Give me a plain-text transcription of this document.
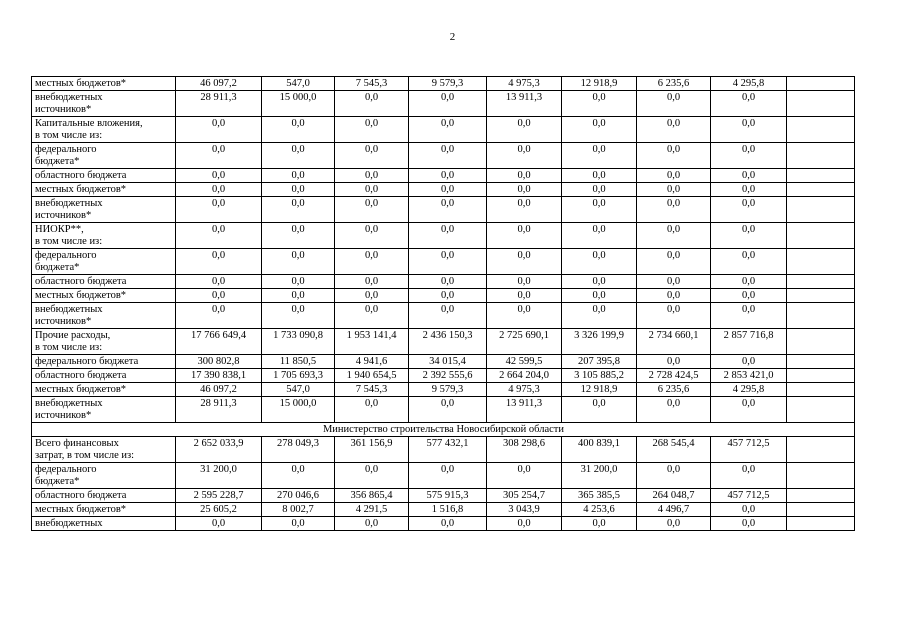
2
местных бюджетов*	46 097,2	547,0	7 545,3	9 579,3	4 975,3	12 918,9	6 235,6	4 295,8	

внебюджетных
источников*	28 911,3	15 000,0	0,0	0,0	13 911,3	0,0	0,0	0,0	

Капитальные вложения,
в том числе из:	0,0	0,0	0,0	0,0	0,0	0,0	0,0	0,0	

федерального
бюджета*	0,0	0,0	0,0	0,0	0,0	0,0	0,0	0,0	

областного бюджета	0,0	0,0	0,0	0,0	0,0	0,0	0,0	0,0	

местных бюджетов*	0,0	0,0	0,0	0,0	0,0	0,0	0,0	0,0	

внебюджетных
источников*	0,0	0,0	0,0	0,0	0,0	0,0	0,0	0,0	

НИОКР**,
в том числе из:	0,0	0,0	0,0	0,0	0,0	0,0	0,0	0,0	

федерального
бюджета*	0,0	0,0	0,0	0,0	0,0	0,0	0,0	0,0	

областного бюджета	0,0	0,0	0,0	0,0	0,0	0,0	0,0	0,0	

местных бюджетов*	0,0	0,0	0,0	0,0	0,0	0,0	0,0	0,0	

внебюджетных
источников*	0,0	0,0	0,0	0,0	0,0	0,0	0,0	0,0	

Прочие расходы,
в том числе из:	17 766 649,4	1 733 090,8	1 953 141,4	2 436 150,3	2 725 690,1	3 326 199,9	2 734 660,1	2 857 716,8	

федерального бюджета	300 802,8	11 850,5	4 941,6	34 015,4	42 599,5	207 395,8	0,0	0,0	

областного бюджета	17 390 838,1	1 705 693,3	1 940 654,5	2 392 555,6	2 664 204,0	3 105 885,2	2 728 424,5	2 853 421,0	

местных бюджетов*	46 097,2	547,0	7 545,3	9 579,3	4 975,3	12 918,9	6 235,6	4 295,8	

внебюджетных
источников*	28 911,3	15 000,0	0,0	0,0	13 911,3	0,0	0,0	0,0	
Министерство строительства Новосибирской области									

Всего финансовых
затрат, в том числе из:	2 652 033,9	278 049,3	361 156,9	577 432,1	308 298,6	400 839,1	268 545,4	457 712,5	

федерального
бюджета*	31 200,0	0,0	0,0	0,0	0,0	31 200,0	0,0	0,0	

областного бюджета	2 595 228,7	270 046,6	356 865,4	575 915,3	305 254,7	365 385,5	264 048,7	457 712,5	

местных бюджетов*	25 605,2	8 002,7	4 291,5	1 516,8	3 043,9	4 253,6	4 496,7	0,0	

внебюджетных	0,0	0,0	0,0	0,0	0,0	0,0	0,0	0,0	
